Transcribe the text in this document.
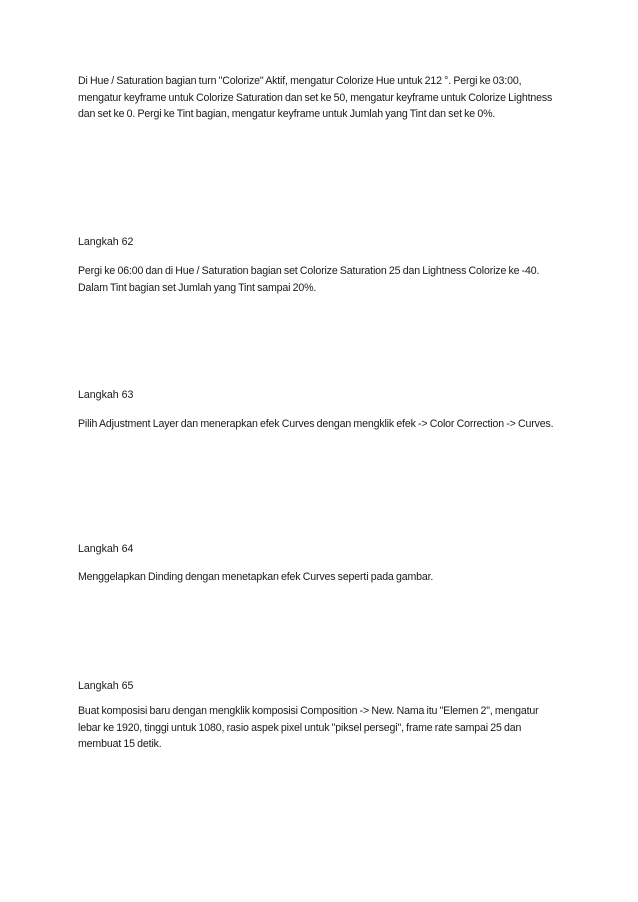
Di Hue / Saturation bagian turn "Colorize" Aktif, mengatur Colorize Hue untuk 212 °. Pergi ke 03:00, mengatur keyframe untuk Colorize Saturation dan set ke 50, mengatur keyframe untuk Colorize Lightness dan set ke 0. Pergi ke Tint bagian, mengatur keyframe untuk Jumlah yang Tint dan set ke 0%.

Langkah 62

Pergi ke 06:00 dan di Hue / Saturation bagian set Colorize Saturation 25 dan Lightness Colorize ke -40. Dalam Tint bagian set Jumlah yang Tint sampai 20%.

Langkah 63

Pilih Adjustment Layer dan menerapkan efek Curves dengan mengklik efek -> Color Correction -> Curves.

Langkah 64

Menggelapkan Dinding dengan menetapkan efek Curves seperti pada gambar.

Langkah 65

Buat komposisi baru dengan mengklik komposisi Composition -> New. Nama itu "Elemen 2", mengatur lebar ke 1920, tinggi untuk 1080, rasio aspek pixel untuk "piksel persegi", frame rate sampai 25 dan membuat 15 detik.
